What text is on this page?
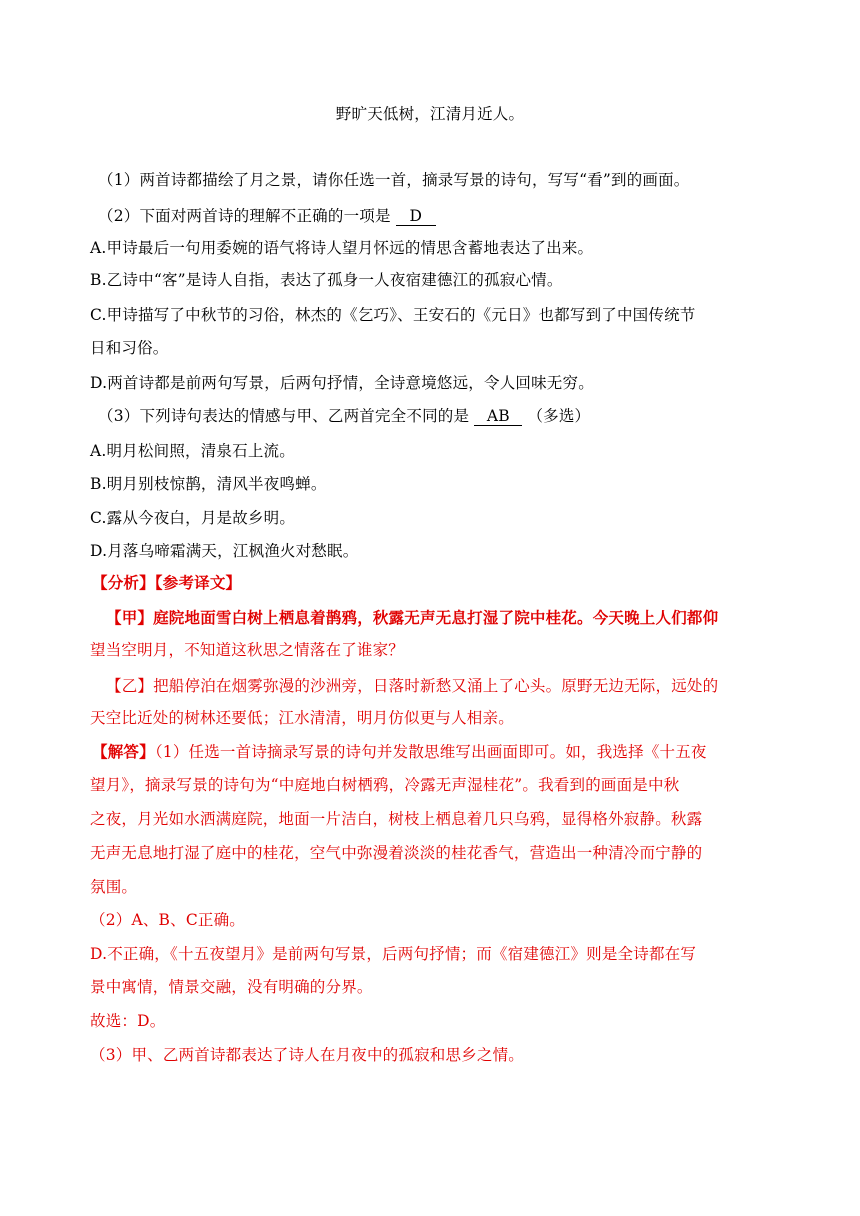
野旷天低树，江清月近人。
（1）两首诗都描绘了月之景，请你任选一首，摘录写景的诗句，写写“看”到的画面。
（2）下面对两首诗的理解不正确的一项是 D
A.甲诗最后一句用委婉的语气将诗人望月怀远的情思含蓄地表达了出来。
B.乙诗中“客”是诗人自指，表达了孤身一人夜宿建德江的孤寂心情。
C.甲诗描写了中秋节的习俗，林杰的《乞巧》、王安石的《元日》也都写到了中国传统节
日和习俗。
D.两首诗都是前两句写景，后两句抒情，全诗意境悠远，令人回味无穷。
（3）下列诗句表达的情感与甲、乙两首完全不同的是 AB （多选）
A.明月松间照，清泉石上流。
B.明月别枝惊鹊，清风半夜鸣蝉。
C.露从今夜白，月是故乡明。
D.月落乌啼霜满天，江枫渔火对愁眠。
【分析】【参考译文】
【甲】庭院地面雪白树上栖息着鹊鸦，秋露无声无息打湿了院中桂花。今天晚上人们都仰
望当空明月，不知道这秋思之情落在了谁家？
【乙】把船停泊在烟雾弥漫的沙洲旁，日落时新愁又涌上了心头。原野无边无际，远处的
天空比近处的树林还要低；江水清清，明月仿似更与人相亲。
【解答】（1）任选一首诗摘录写景的诗句并发散思维写出画面即可。如，我选择《十五夜
望月》，摘录写景的诗句为“中庭地白树栖鸦，冷露无声湿桂花”。我看到的画面是中秋
之夜，月光如水洒满庭院，地面一片洁白，树枝上栖息着几只乌鸦，显得格外寂静。秋露
无声无息地打湿了庭中的桂花，空气中弥漫着淡淡的桂花香气，营造出一种清冷而宁静的
氛围。
（2）A、B、C正确。
D.不正确，《十五夜望月》是前两句写景，后两句抒情；而《宿建德江》则是全诗都在写
景中寓情，情景交融，没有明确的分界。
故选：D。
（3）甲、乙两首诗都表达了诗人在月夜中的孤寂和思乡之情。
